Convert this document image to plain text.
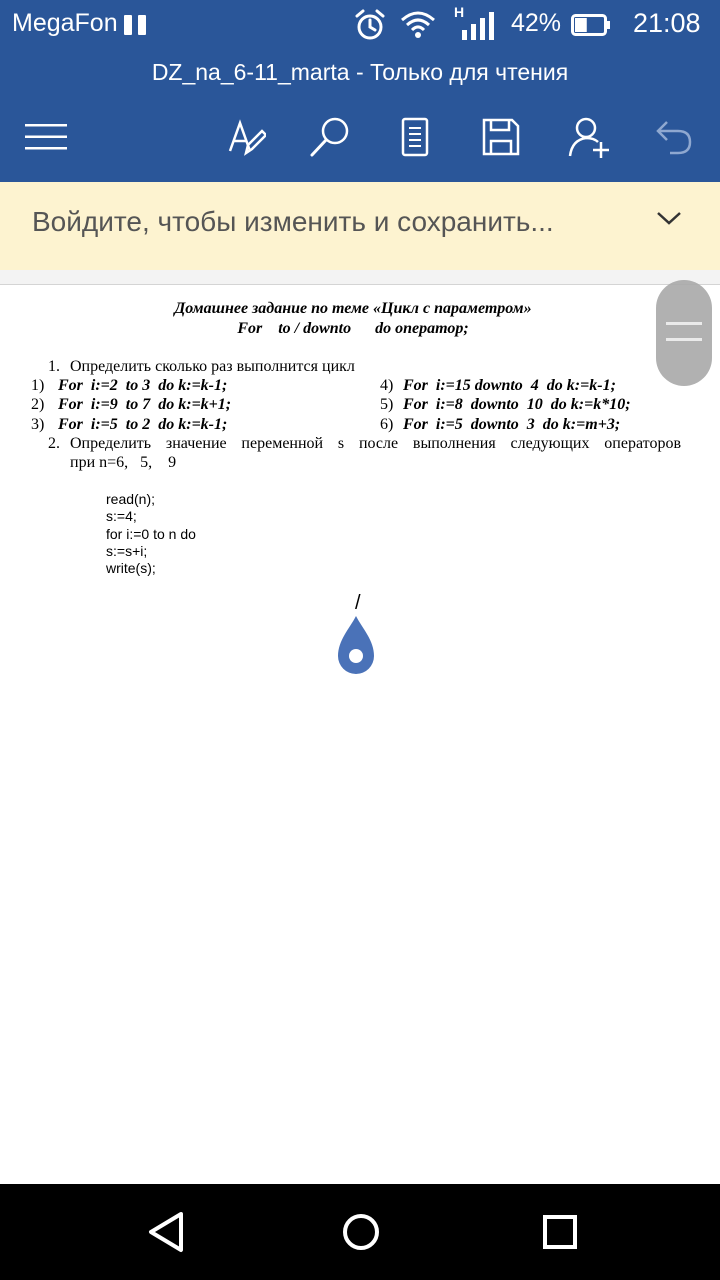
MegaFon	H 42%	21:08
DZ_na_6-11_marta - Только для чтения
Войдите, чтобы изменить и сохранить...
Домашнее задание по теме «Цикл с параметром»
For    to / downto      do оператор;
1. Определить сколько раз выполнится цикл
1) For  i:=2  to 3  do k:=k-1;
2) For  i:=9  to 7  do k:=k+1;
3) For  i:=5  to 2  do k:=k-1;
4) For  i:=15 downto  4  do k:=k-1;
5) For  i:=8  downto  10  do k:=k*10;
6) For  i:=5  downto  3  do k:=m+3;
2. Определить значение переменной s после выполнения следующих операторов
при n=6,   5,    9
read(n);
s:=4;
for i:=0 to n do
s:=s+i;
write(s);
/
